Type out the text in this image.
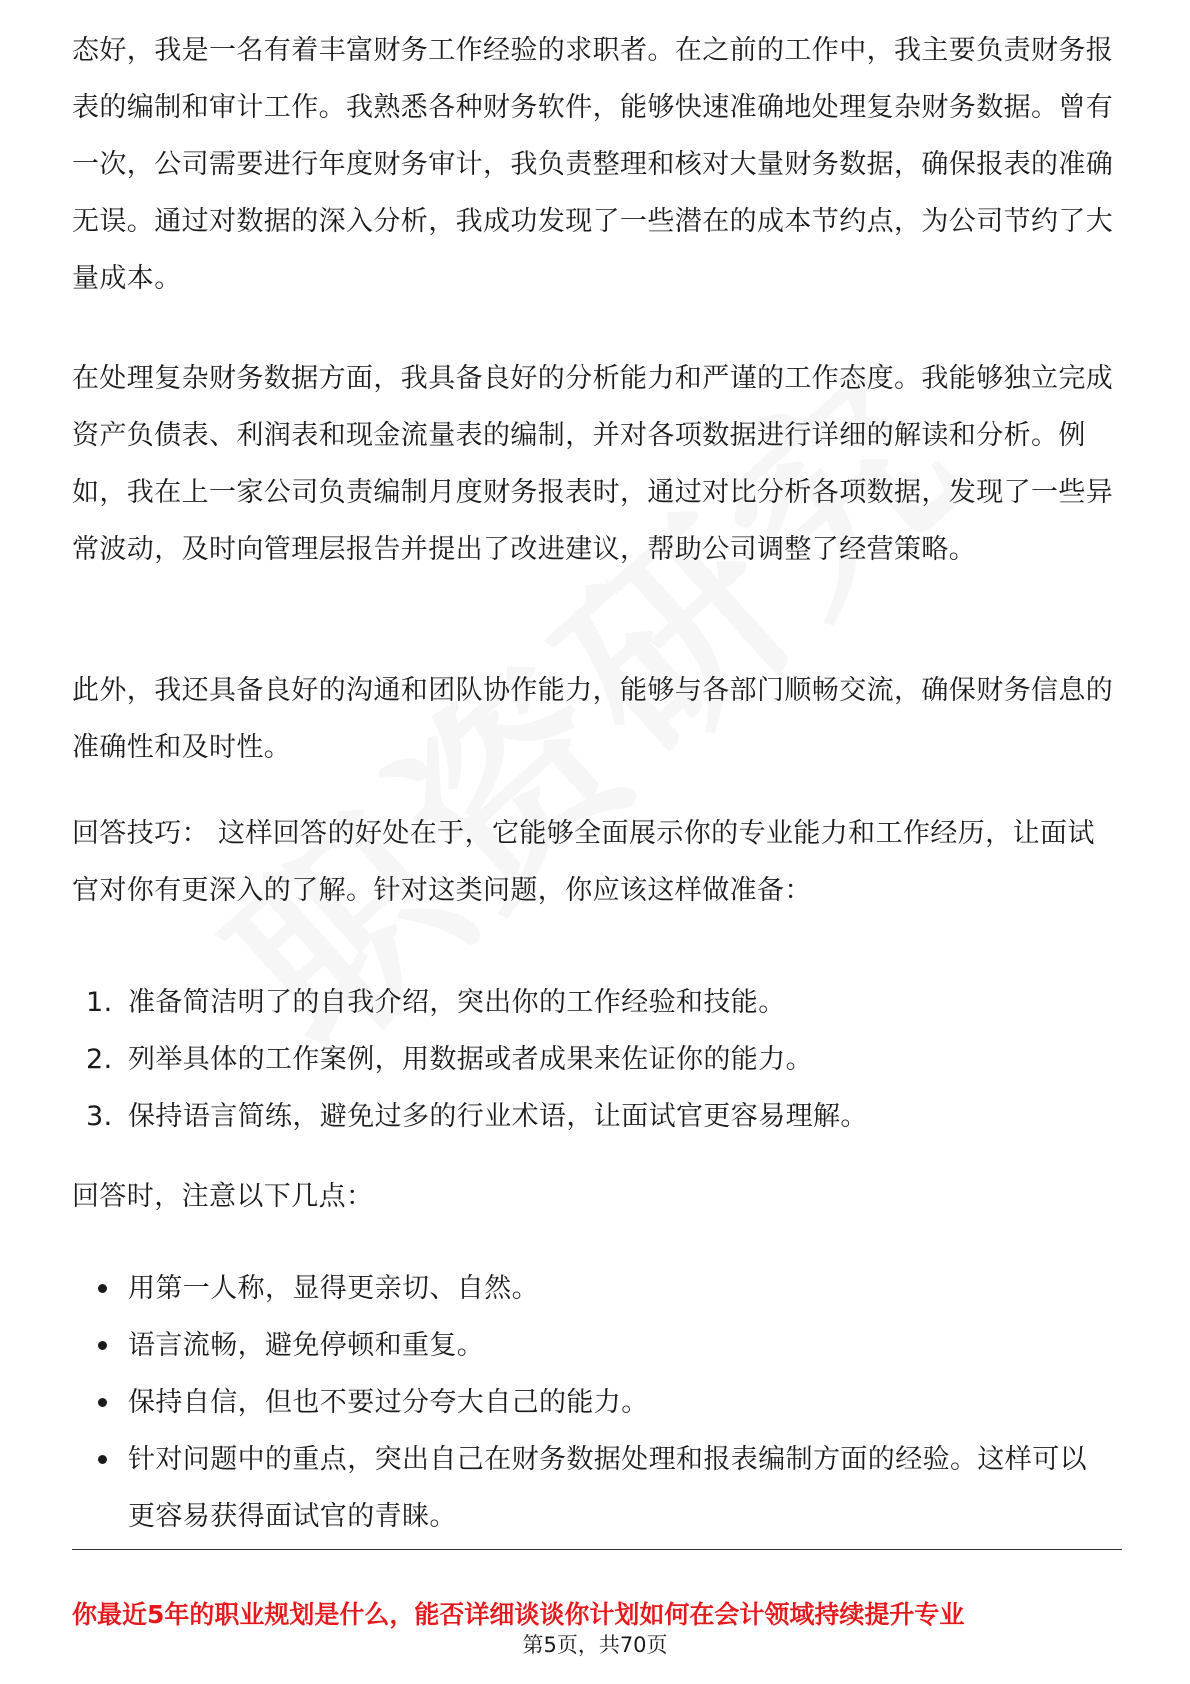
态好，我是一名有着丰富财务工作经验的求职者。在之前的工作中，我主要负责财务报表的编制和审计工作。我熟悉各种财务软件，能够快速准确地处理复杂财务数据。曾有一次，公司需要进行年度财务审计，我负责整理和核对大量财务数据，确保报表的准确无误。通过对数据的深入分析，我成功发现了一些潜在的成本节约点，为公司节约了大量成本。

在处理复杂财务数据方面，我具备良好的分析能力和严谨的工作态度。我能够独立完成资产负债表、利润表和现金流量表的编制，并对各项数据进行详细的解读和分析。例如，我在上一家公司负责编制月度财务报表时，通过对比分析各项数据，发现了一些异常波动，及时向管理层报告并提出了改进建议，帮助公司调整了经营策略。

此外，我还具备良好的沟通和团队协作能力，能够与各部门顺畅交流，确保财务信息的准确性和及时性。

回答技巧： 这样回答的好处在于，它能够全面展示你的专业能力和工作经历，让面试官对你有更深入的了解。针对这类问题，你应该这样做准备：

1. 准备简洁明了的自我介绍，突出你的工作经验和技能。
2. 列举具体的工作案例，用数据或者成果来佐证你的能力。
3. 保持语言简练，避免过多的行业术语，让面试官更容易理解。

回答时，注意以下几点：

用第一人称，显得更亲切、自然。
语言流畅，避免停顿和重复。
保持自信，但也不要过分夸大自己的能力。
针对问题中的重点，突出自己在财务数据处理和报表编制方面的经验。这样可以更容易获得面试官的青睐。
你最近5年的职业规划是什么，能否详细谈谈你计划如何在会计领域持续提升专业
第5页，共70页
